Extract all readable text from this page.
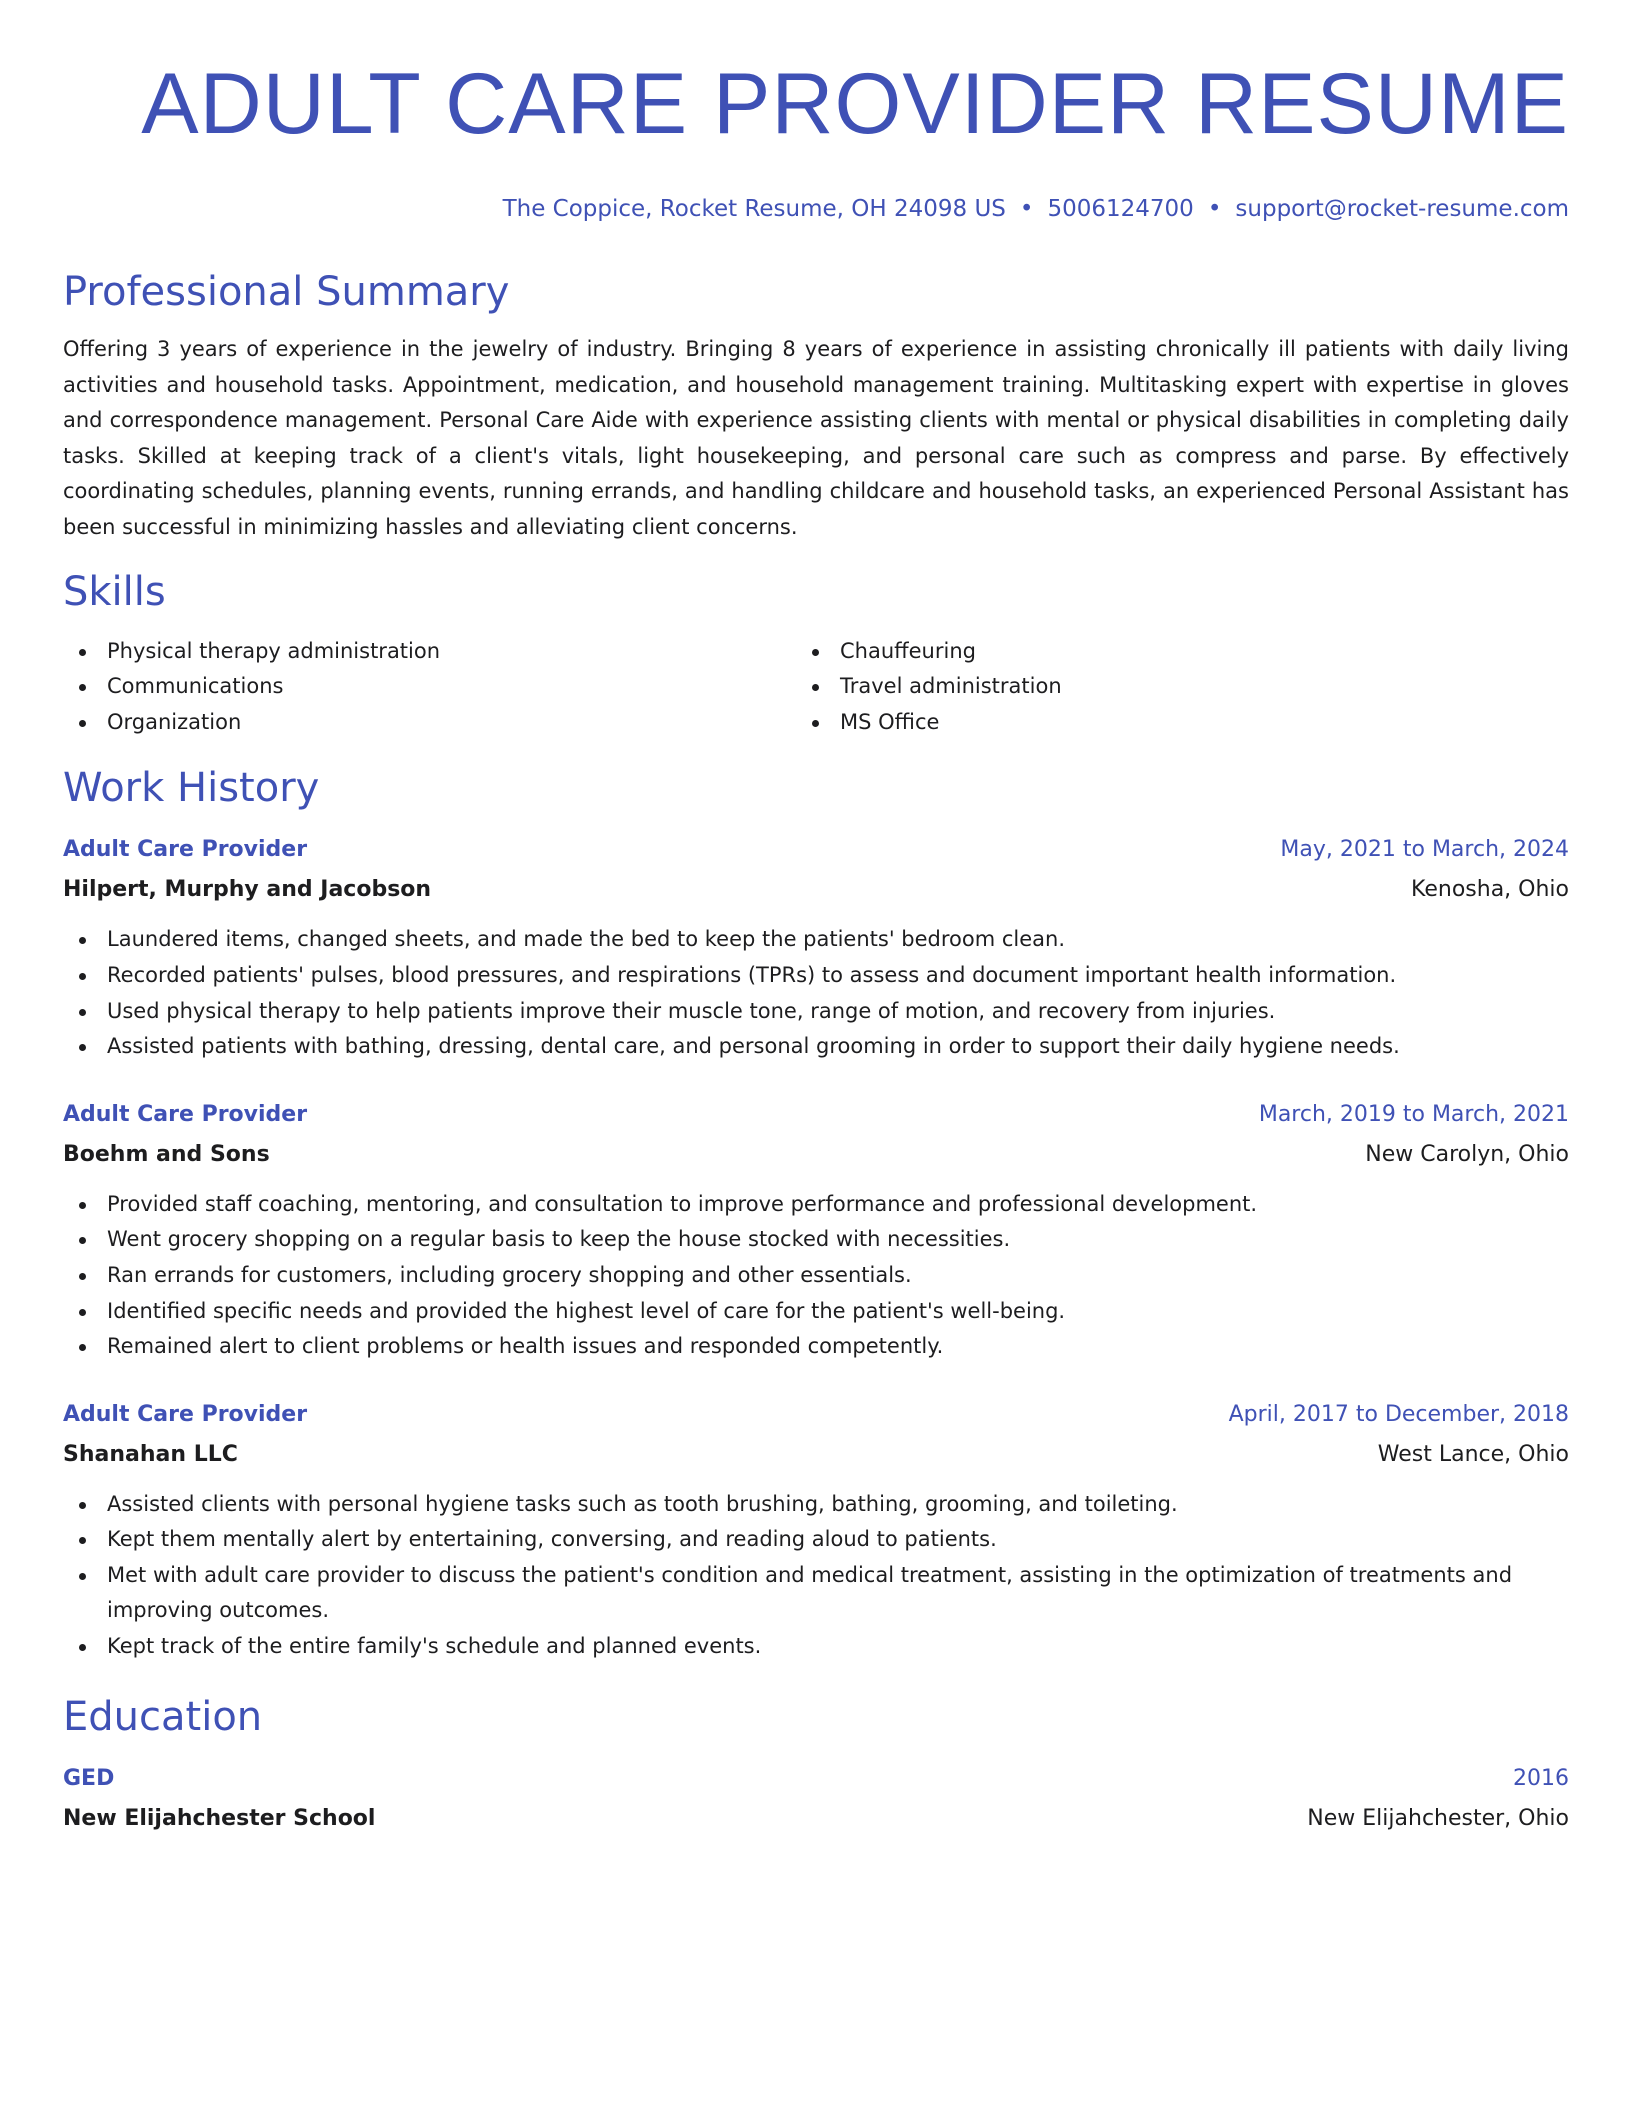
ADULT CARE PROVIDER RESUME
The Coppice, Rocket Resume, OH 24098 US • 5006124700 • support@rocket-resume.com
Professional Summary
Offering 3 years of experience in the jewelry of industry. Bringing 8 years of experience in assisting chronically ill patients with daily living activities and household tasks. Appointment, medication, and household management training. Multitasking expert with expertise in gloves and correspondence management. Personal Care Aide with experience assisting clients with mental or physical disabilities in completing daily tasks. Skilled at keeping track of a client's vitals, light housekeeping, and personal care such as compress and parse. By effectively coordinating schedules, planning events, running errands, and handling childcare and household tasks, an experienced Personal Assistant has been successful in minimizing hassles and alleviating client concerns.
Skills
Physical therapy administration
Communications
Organization
Chauffeuring
Travel administration
MS Office
Work History
Adult Care Provider	May, 2021 to March, 2024
Hilpert, Murphy and Jacobson	Kenosha, Ohio
Laundered items, changed sheets, and made the bed to keep the patients' bedroom clean.
Recorded patients' pulses, blood pressures, and respirations (TPRs) to assess and document important health information.
Used physical therapy to help patients improve their muscle tone, range of motion, and recovery from injuries.
Assisted patients with bathing, dressing, dental care, and personal grooming in order to support their daily hygiene needs.
Adult Care Provider	March, 2019 to March, 2021
Boehm and Sons	New Carolyn, Ohio
Provided staff coaching, mentoring, and consultation to improve performance and professional development.
Went grocery shopping on a regular basis to keep the house stocked with necessities.
Ran errands for customers, including grocery shopping and other essentials.
Identified specific needs and provided the highest level of care for the patient's well-being.
Remained alert to client problems or health issues and responded competently.
Adult Care Provider	April, 2017 to December, 2018
Shanahan LLC	West Lance, Ohio
Assisted clients with personal hygiene tasks such as tooth brushing, bathing, grooming, and toileting.
Kept them mentally alert by entertaining, conversing, and reading aloud to patients.
Met with adult care provider to discuss the patient's condition and medical treatment, assisting in the optimization of treatments and improving outcomes.
Kept track of the entire family's schedule and planned events.
Education
GED	2016
New Elijahchester School	New Elijahchester, Ohio
